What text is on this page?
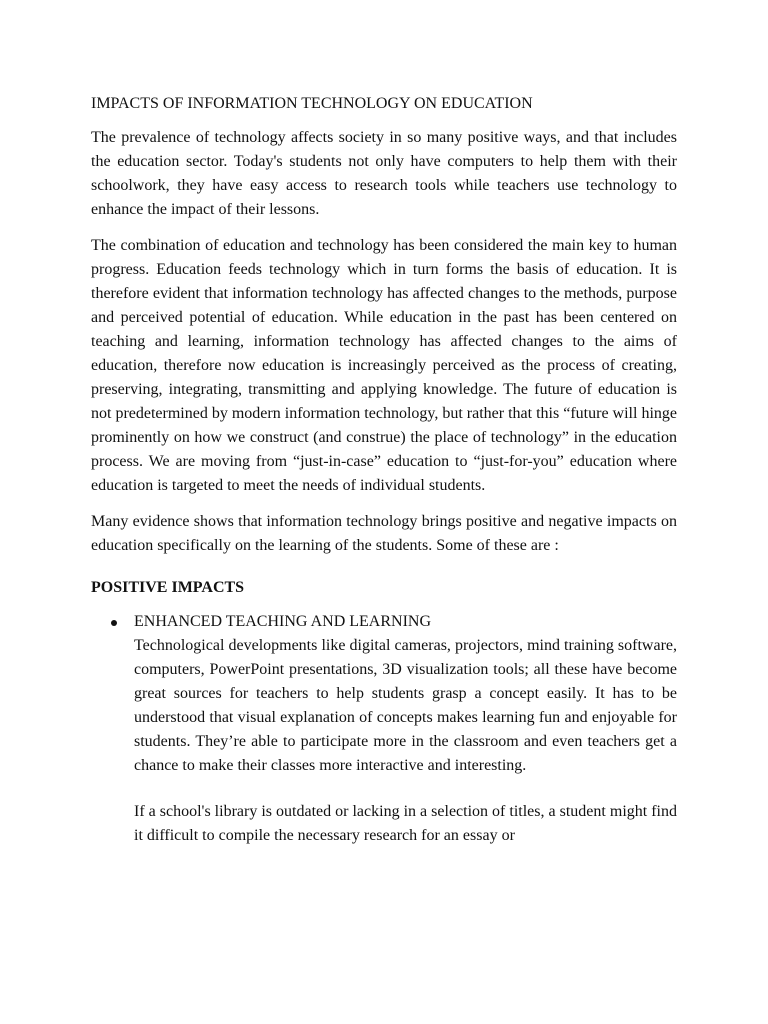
IMPACTS OF INFORMATION TECHNOLOGY ON EDUCATION

The prevalence of technology affects society in so many positive ways, and that includes the education sector. Today's students not only have computers to help them with their schoolwork, they have easy access to research tools while teachers use technology to enhance the impact of their lessons.

The combination of education and technology has been considered the main key to human progress. Education feeds technology which in turn forms the basis of education. It is therefore evident that information technology has affected changes to the methods, purpose and perceived potential of education. While education in the past has been centered on teaching and learning, information technology has affected changes to the aims of education, therefore now education is increasingly perceived as the process of creating, preserving, integrating, transmitting and applying knowledge. The future of education is not predetermined by modern information technology, but rather that this “future will hinge prominently on how we construct (and construe) the place of technology” in the education process. We are moving from “just-in-case” education to “just-for-you” education where education is targeted to meet the needs of individual students.

Many evidence shows that information technology brings positive and negative impacts on education specifically on the learning of the students. Some of these are :

POSITIVE IMPACTS
ENHANCED TEACHING AND LEARNING

Technological developments like digital cameras, projectors, mind training software, computers, PowerPoint presentations, 3D visualization tools; all these have become great sources for teachers to help students grasp a concept easily. It has to be understood that visual explanation of concepts makes learning fun and enjoyable for students. They’re able to participate more in the classroom and even teachers get a chance to make their classes more interactive and interesting.

If a school's library is outdated or lacking in a selection of titles, a student might find it difficult to compile the necessary research for an essay or
